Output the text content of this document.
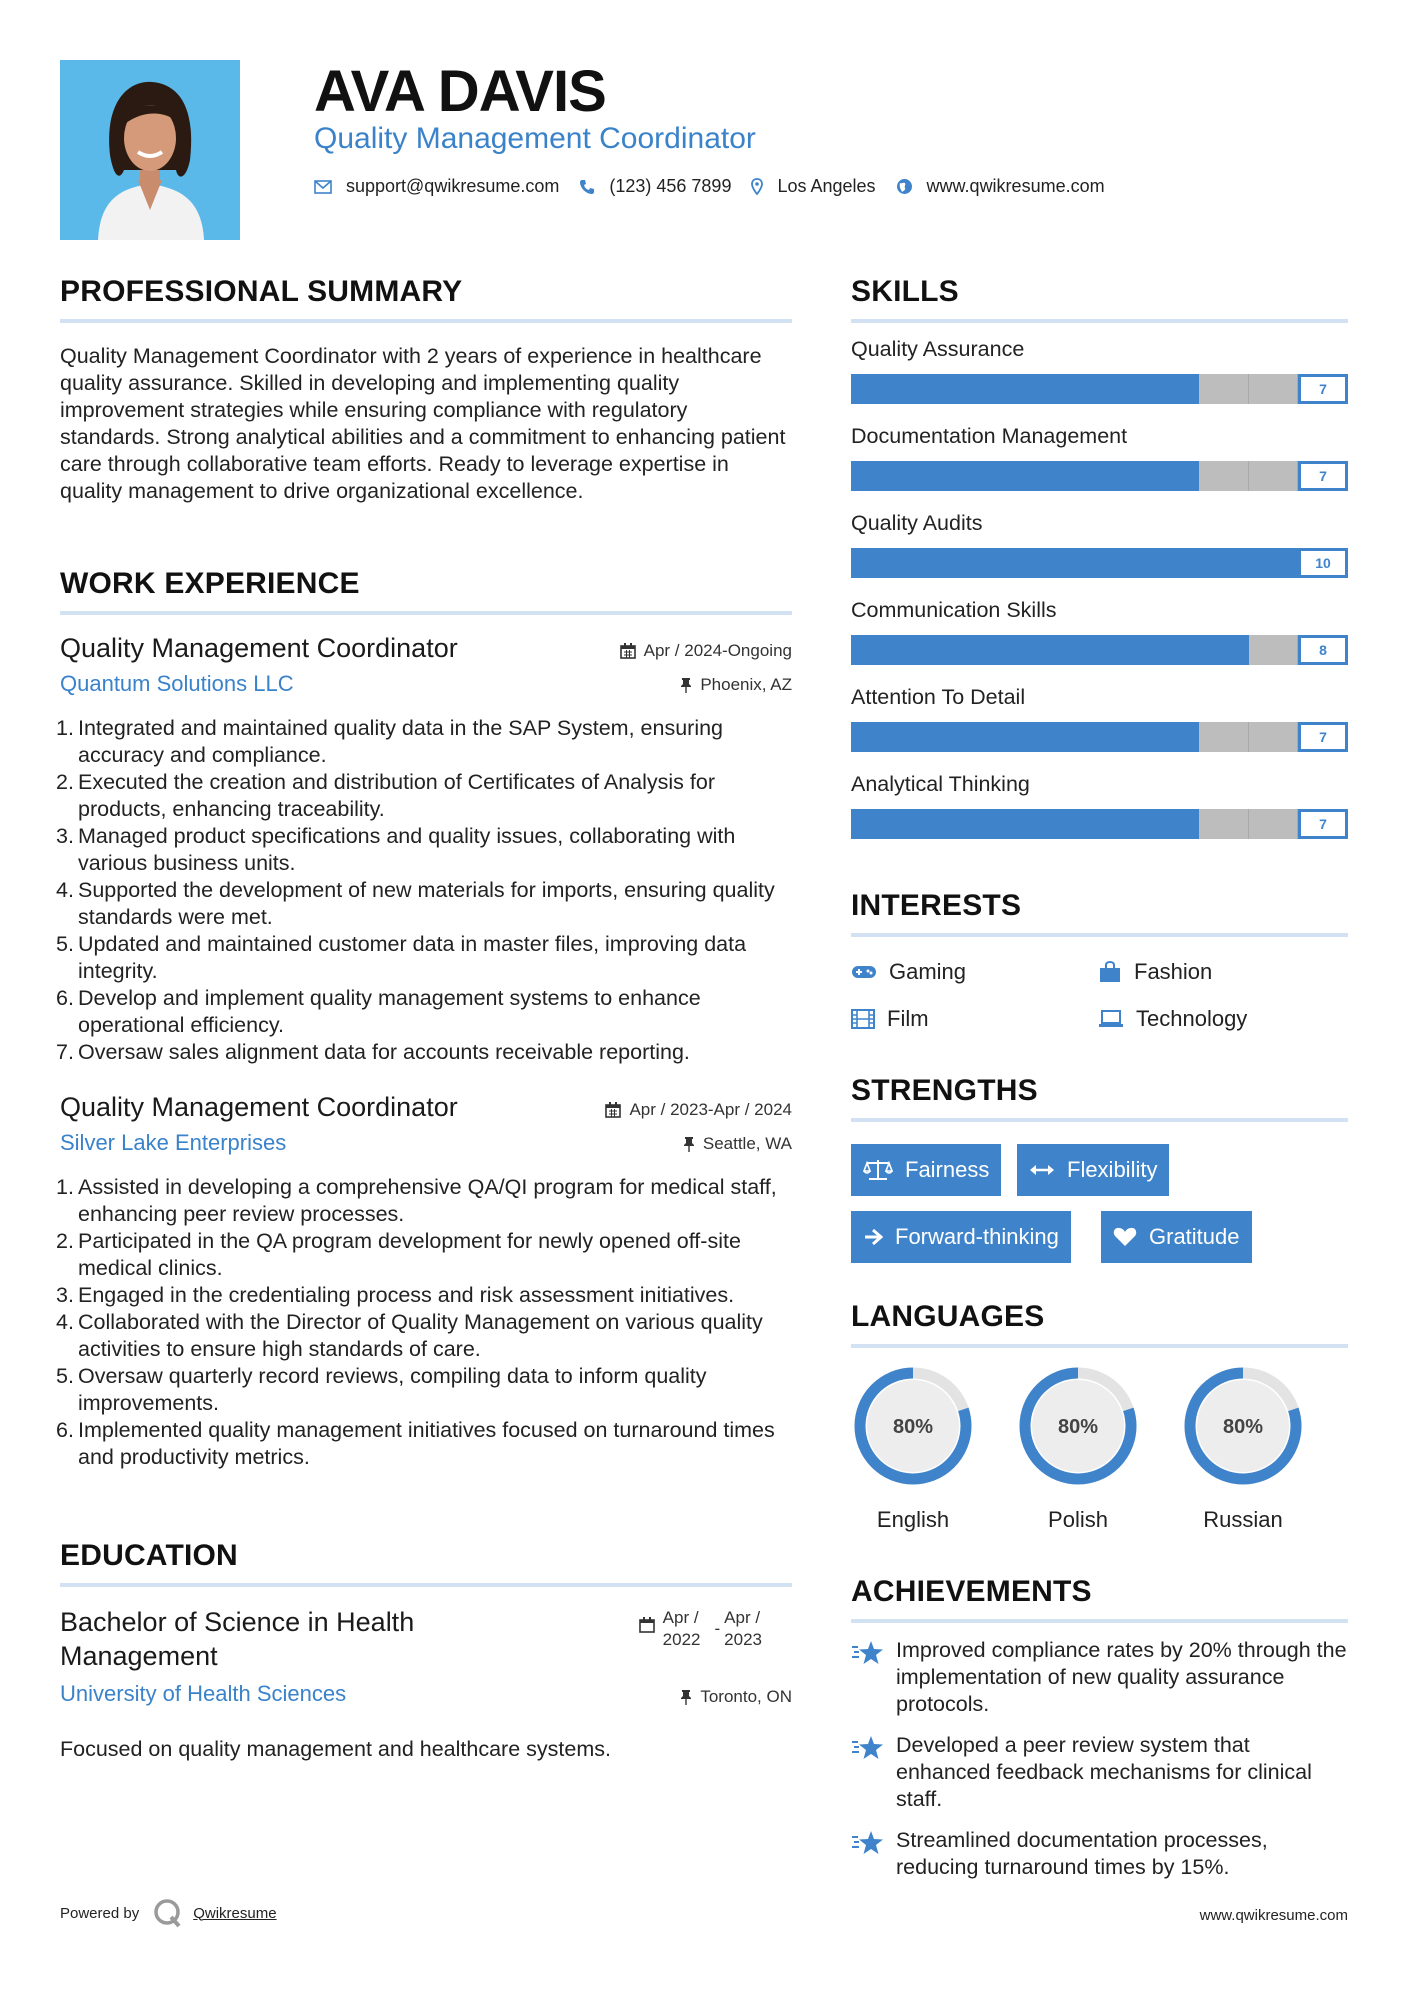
AVA DAVIS
Quality Management Coordinator
support@qwikresume.com	(123) 456 7899	Los Angeles	www.qwikresume.com
PROFESSIONAL SUMMARY
Quality Management Coordinator with 2 years of experience in healthcare quality assurance. Skilled in developing and implementing quality improvement strategies while ensuring compliance with regulatory standards. Strong analytical abilities and a commitment to enhancing patient care through collaborative team efforts. Ready to leverage expertise in quality management to drive organizational excellence.
WORK EXPERIENCE
Quality Management Coordinator
Quantum Solutions LLC
Apr / 2024-Ongoing
Phoenix, AZ
1. Integrated and maintained quality data in the SAP System, ensuring accuracy and compliance.
2. Executed the creation and distribution of Certificates of Analysis for products, enhancing traceability.
3. Managed product specifications and quality issues, collaborating with various business units.
4. Supported the development of new materials for imports, ensuring quality standards were met.
5. Updated and maintained customer data in master files, improving data integrity.
6. Develop and implement quality management systems to enhance operational efficiency.
7. Oversaw sales alignment data for accounts receivable reporting.
Quality Management Coordinator
Silver Lake Enterprises
Apr / 2023-Apr / 2024
Seattle, WA
1. Assisted in developing a comprehensive QA/QI program for medical staff, enhancing peer review processes.
2. Participated in the QA program development for newly opened off-site medical clinics.
3. Engaged in the credentialing process and risk assessment initiatives.
4. Collaborated with the Director of Quality Management on various quality activities to ensure high standards of care.
5. Oversaw quarterly record reviews, compiling data to inform quality improvements.
6. Implemented quality management initiatives focused on turnaround times and productivity metrics.
EDUCATION
Bachelor of Science in Health Management
University of Health Sciences
Apr /
2022
-
Apr /
2023
Toronto, ON
Focused on quality management and healthcare systems.
SKILLS
Quality Assurance
7
Documentation Management
7
Quality Audits
10
Communication Skills
8
Attention To Detail
7
Analytical Thinking
7
INTERESTS
Gaming	Fashion
Film	Technology
STRENGTHS
Fairness	Flexibility
Forward-thinking	Gratitude
LANGUAGES
80%
English
80%
Polish
80%
Russian
ACHIEVEMENTS
Improved compliance rates by 20% through the implementation of new quality assurance protocols.
Developed a peer review system that enhanced feedback mechanisms for clinical staff.
Streamlined documentation processes, reducing turnaround times by 15%.
Powered by	Qwikresume	www.qwikresume.com
